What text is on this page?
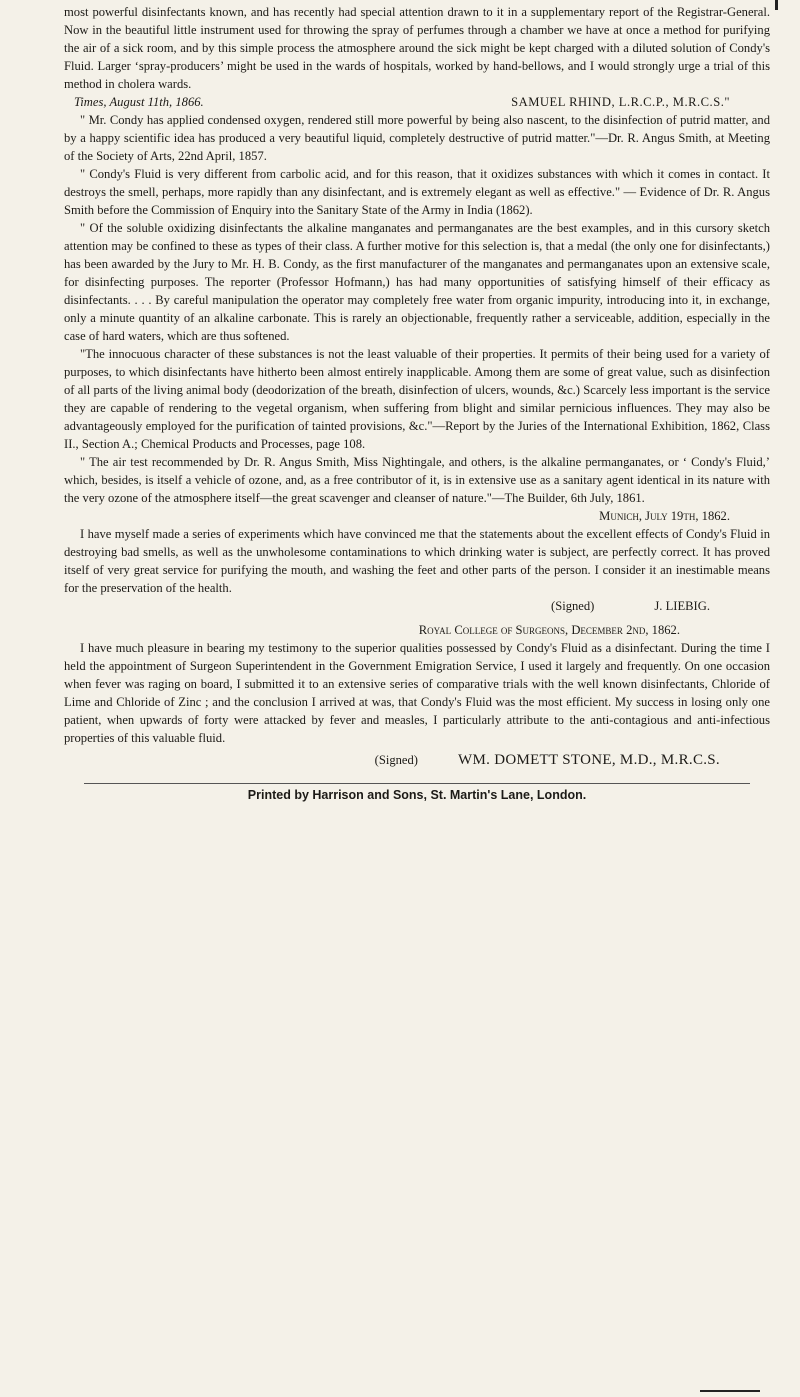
most powerful disinfectants known, and has recently had special attention drawn to it in a supplementary report of the Registrar-General. Now in the beautiful little instrument used for throwing the spray of perfumes through a chamber we have at once a method for purifying the air of a sick room, and by this simple process the atmosphere around the sick might be kept charged with a diluted solution of Condy's Fluid. Larger ‘spray-producers’ might be used in the wards of hospitals, worked by hand-bellows, and I would strongly urge a trial of this method in cholera wards.

Times, August 11th, 1866.	SAMUEL RHIND, L.R.C.P., M.R.C.S."

" Mr. Condy has applied condensed oxygen, rendered still more powerful by being also nascent, to the disinfection of putrid matter, and by a happy scientific idea has produced a very beautiful liquid, completely destructive of putrid matter."—Dr. R. Angus Smith, at Meeting of the Society of Arts, 22nd April, 1857.

" Condy's Fluid is very different from carbolic acid, and for this reason, that it oxidizes substances with which it comes in contact. It destroys the smell, perhaps, more rapidly than any disinfectant, and is extremely elegant as well as effective." — Evidence of Dr. R. Angus Smith before the Commission of Enquiry into the Sanitary State of the Army in India (1862).

" Of the soluble oxidizing disinfectants the alkaline manganates and permanganates are the best examples, and in this cursory sketch attention may be confined to these as types of their class. A further motive for this selection is, that a medal (the only one for disinfectants,) has been awarded by the Jury to Mr. H. B. Condy, as the first manufacturer of the manganates and permanganates upon an extensive scale, for disinfecting purposes. The reporter (Professor Hofmann,) has had many opportunities of satisfying himself of their efficacy as disinfectants. . . . By careful manipulation the operator may completely free water from organic impurity, introducing into it, in exchange, only a minute quantity of an alkaline carbonate. This is rarely an objectionable, frequently rather a serviceable, addition, especially in the case of hard waters, which are thus softened.

"The innocuous character of these substances is not the least valuable of their properties. It permits of their being used for a variety of purposes, to which disinfectants have hitherto been almost entirely inapplicable. Among them are some of great value, such as disinfection of all parts of the living animal body (deodorization of the breath, disinfection of ulcers, wounds, &c.) Scarcely less important is the service they are capable of rendering to the vegetal organism, when suffering from blight and similar pernicious influences. They may also be advantageously employed for the purification of tainted provisions, &c."—Report by the Juries of the International Exhibition, 1862, Class II., Section A.; Chemical Products and Processes, page 108.

" The air test recommended by Dr. R. Angus Smith, Miss Nightingale, and others, is the alkaline permanganates, or ‘ Condy's Fluid,’ which, besides, is itself a vehicle of ozone, and, as a free contributor of it, is in extensive use as a sanitary agent identical in its nature with the very ozone of the atmosphere itself—the great scavenger and cleanser of nature."—The Builder, 6th July, 1861.

Munich, July 19th, 1862.

I have myself made a series of experiments which have convinced me that the statements about the excellent effects of Condy's Fluid in destroying bad smells, as well as the unwholesome contaminations to which drinking water is subject, are perfectly correct. It has proved itself of very great service for purifying the mouth, and washing the feet and other parts of the person. I consider it an inestimable means for the preservation of the health.

(Signed)	J. LIEBIG.

Royal College of Surgeons, December 2nd, 1862.

I have much pleasure in bearing my testimony to the superior qualities possessed by Condy's Fluid as a disinfectant. During the time I held the appointment of Surgeon Superintendent in the Government Emigration Service, I used it largely and frequently. On one occasion when fever was raging on board, I submitted it to an extensive series of comparative trials with the well known disinfectants, Chloride of Lime and Chloride of Zinc ; and the conclusion I arrived at was, that Condy's Fluid was the most efficient. My success in losing only one patient, when upwards of forty were attacked by fever and measles, I particularly attribute to the anti-contagious and anti-infectious properties of this valuable fluid.

(Signed)	WM. DOMETT STONE, M.D., M.R.C.S.
Printed by Harrison and Sons, St. Martin's Lane, London.
